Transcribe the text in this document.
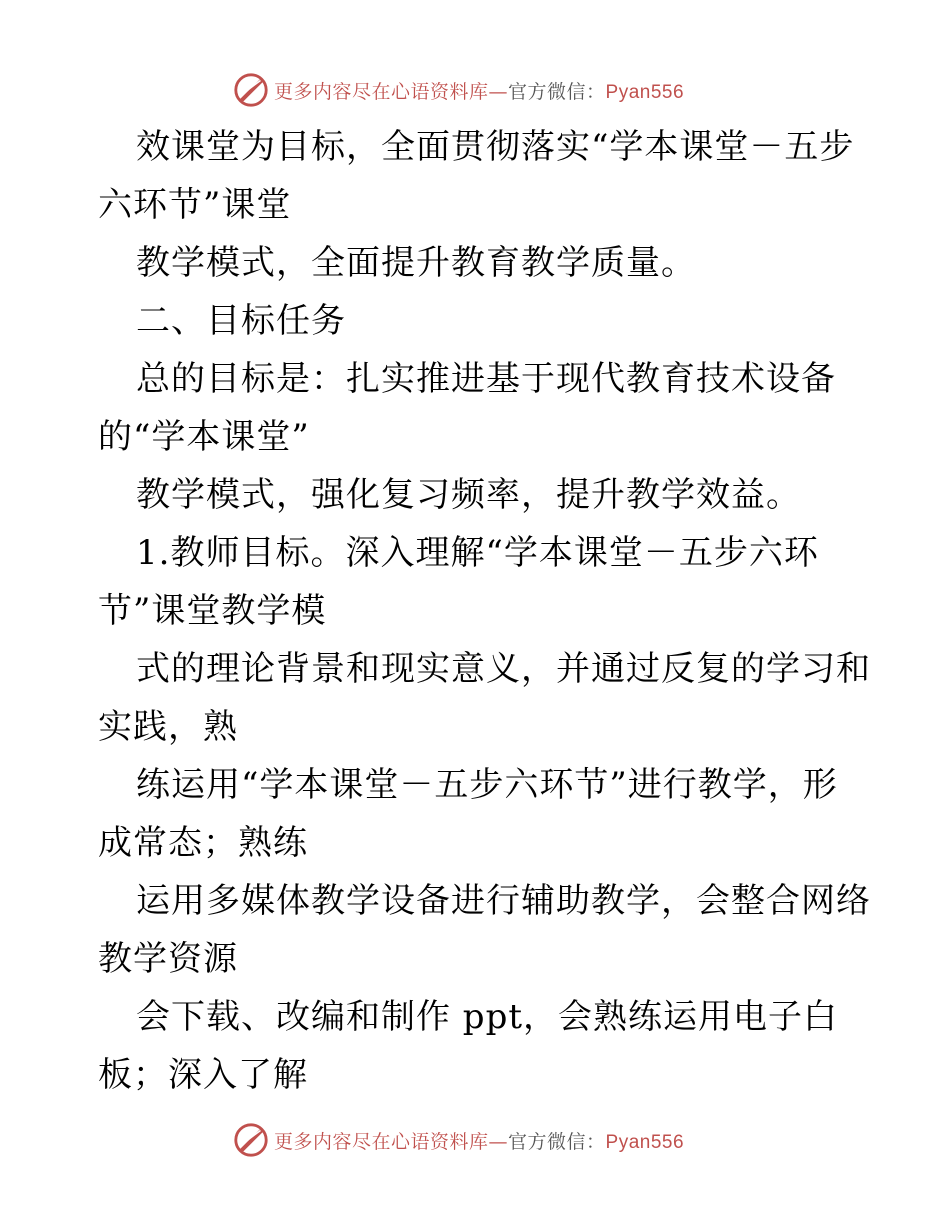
更多内容尽在心语资料库—官方微信：Pyan556
效课堂为目标，全面贯彻落实“学本课堂－五步
六环节”课堂
教学模式，全面提升教育教学质量。
二、目标任务
总的目标是：扎实推进基于现代教育技术设备
的“学本课堂”
教学模式，强化复习频率，提升教学效益。
1.教师目标。深入理解“学本课堂－五步六环
节”课堂教学模
式的理论背景和现实意义，并通过反复的学习和
实践，熟
练运用“学本课堂－五步六环节”进行教学，形
成常态；熟练
运用多媒体教学设备进行辅助教学，会整合网络
教学资源
会下载、改编和制作 ppt，会熟练运用电子白
板；深入了解
更多内容尽在心语资料库—官方微信：Pyan556
